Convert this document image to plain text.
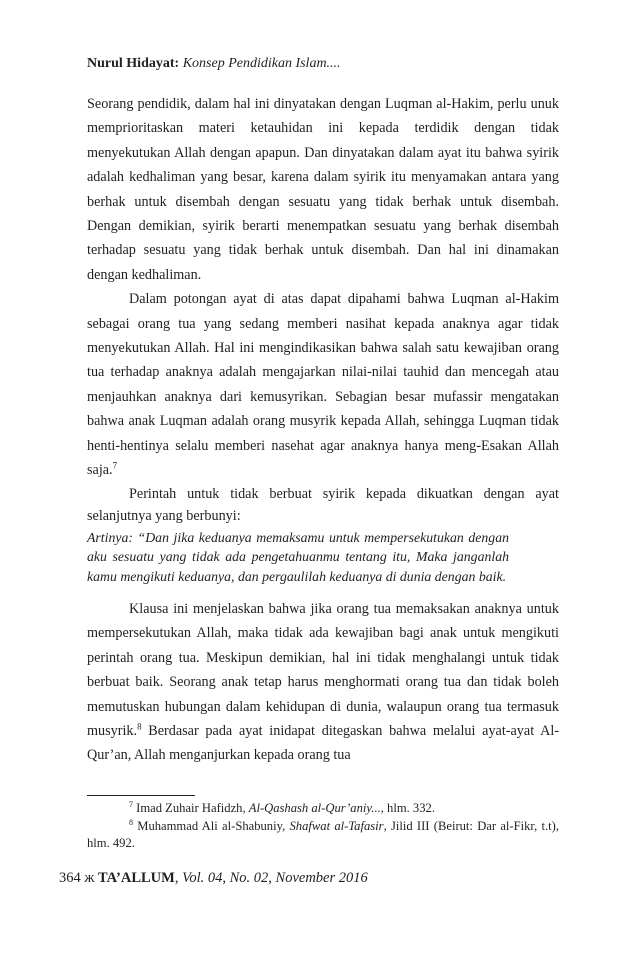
Nurul Hidayat: Konsep Pendidikan Islam....

Seorang pendidik, dalam hal ini dinyatakan dengan Luqman al-Hakim, perlu unuk memprioritaskan materi ketauhidan ini kepada terdidik dengan tidak menyekutukan Allah dengan apapun. Dan dinyatakan dalam ayat itu bahwa syirik adalah kedhaliman yang besar, karena dalam syirik itu menyamakan antara yang berhak untuk disembah dengan sesuatu yang tidak berhak untuk disembah. Dengan demikian, syirik berarti menempatkan sesuatu yang berhak disembah terhadap sesuatu yang tidak berhak untuk disembah. Dan hal ini dinamakan dengan kedhaliman.

Dalam potongan ayat di atas dapat dipahami bahwa Luqman al-Hakim sebagai orang tua yang sedang memberi nasihat kepada anaknya agar tidak menyekutukan Allah. Hal ini mengindikasikan bahwa salah satu kewajiban orang tua terhadap anaknya adalah mengajarkan nilai-nilai tauhid dan mencegah atau menjauhkan anaknya dari kemusyrikan. Sebagian besar mufassir mengatakan bahwa anak Luqman adalah orang musyrik kepada Allah, sehingga Luqman tidak henti-hentinya selalu memberi nasehat agar anaknya hanya meng-Esakan Allah saja.$^7$

Perintah untuk tidak berbuat syirik kepada dikuatkan dengan ayat selanjutnya yang berbunyi:

Artinya: “Dan jika keduanya memaksamu untuk mempersekutukan dengan aku sesuatu yang tidak ada pengetahuanmu tentang itu, Maka janganlah kamu mengikuti keduanya, dan pergaulilah keduanya di dunia dengan baik.

Klausa ini menjelaskan bahwa jika orang tua memaksakan anaknya untuk mempersekutukan Allah, maka tidak ada kewajiban bagi anak untuk mengikuti perintah orang tua. Meskipun demikian, hal ini tidak menghalangi untuk tidak berbuat baik. Seorang anak tetap harus menghormati orang tua dan tidak boleh memutuskan hubungan dalam kehidupan di dunia, walaupun orang tua termasuk musyrik.$^8$ Berdasar pada ayat inidapat ditegaskan bahwa melalui ayat-ayat Al-Qur’an, Allah menganjurkan kepada orang tua

$^7$ Imad Zuhair Hafidzh, Al-Qashash al-Qur’aniy..., hlm. 332.

$^8$ Muhammad Ali al-Shabuniy, Shafwat al-Tafasir, Jilid III (Beirut: Dar al-Fikr, t.t), hlm. 492.

364 ж TA’ALLUM, Vol. 04, No. 02, November 2016
